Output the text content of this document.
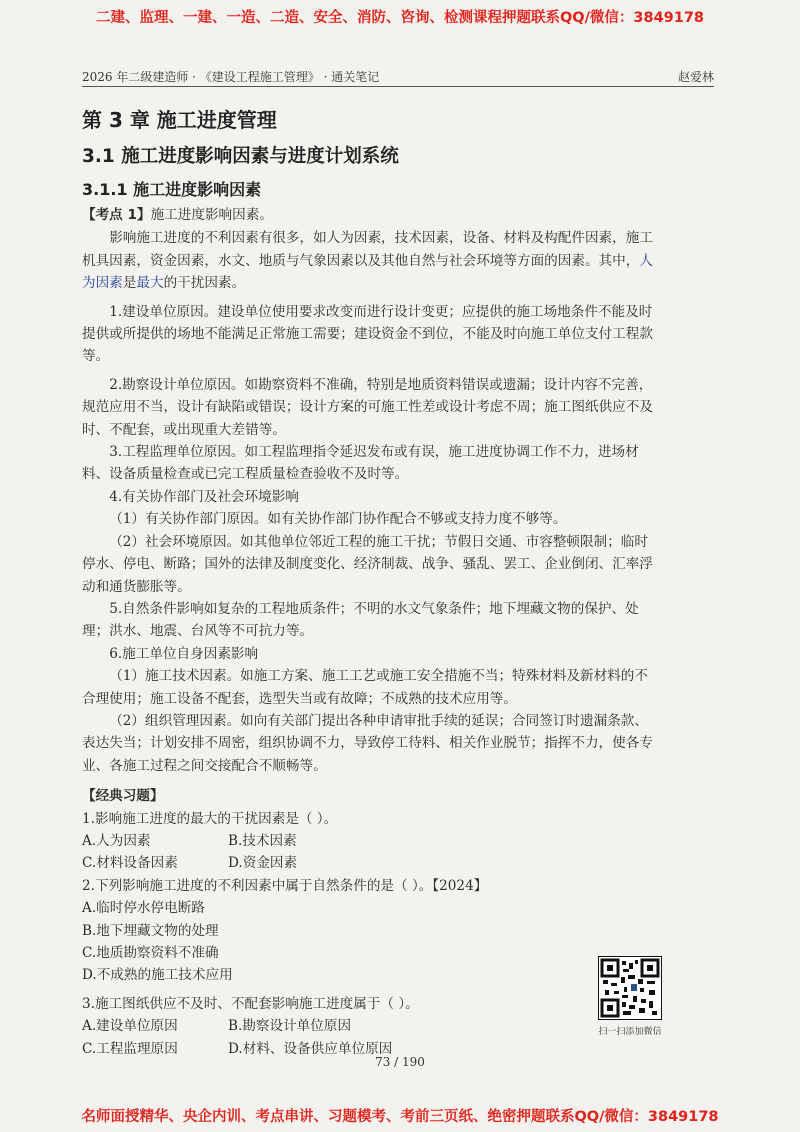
二建、监理、一建、一造、二造、安全、消防、咨询、检测课程押题联系QQ/微信：3849178
2026 年二级建造师 · 《建设工程施工管理》 · 通关笔记	赵爱林
第 3 章 施工进度管理
3.1 施工进度影响因素与进度计划系统
3.1.1 施工进度影响因素

【考点 1】施工进度影响因素。

影响施工进度的不利因素有很多，如人为因素，技术因素，设备、材料及构配件因素，施工机具因素，资金因素，水文、地质与气象因素以及其他自然与社会环境等方面的因素。其中，人为因素是最大的干扰因素。

1.建设单位原因。建设单位使用要求改变而进行设计变更；应提供的施工场地条件不能及时提供或所提供的场地不能满足正常施工需要；建设资金不到位，不能及时向施工单位支付工程款等。

2.勘察设计单位原因。如勘察资料不准确，特别是地质资料错误或遗漏；设计内容不完善，规范应用不当，设计有缺陷或错误；设计方案的可施工性差或设计考虑不周；施工图纸供应不及时、不配套，或出现重大差错等。

3.工程监理单位原因。如工程监理指令延迟发布或有误，施工进度协调工作不力，进场材料、设备质量检查或已完工程质量检查验收不及时等。

4.有关协作部门及社会环境影响

（1）有关协作部门原因。如有关协作部门协作配合不够或支持力度不够等。

（2）社会环境原因。如其他单位邻近工程的施工干扰；节假日交通、市容整顿限制；临时停水、停电、断路；国外的法律及制度变化、经济制裁、战争、骚乱、罢工、企业倒闭、汇率浮动和通货膨胀等。

5.自然条件影响如复杂的工程地质条件；不明的水文气象条件；地下埋藏文物的保护、处理；洪水、地震、台风等不可抗力等。

6.施工单位自身因素影响

（1）施工技术因素。如施工方案、施工工艺或施工安全措施不当；特殊材料及新材料的不合理使用；施工设备不配套，选型失当或有故障；不成熟的技术应用等。

（2）组织管理因素。如向有关部门提出各种申请审批手续的延误；合同签订时遗漏条款、表达失当；计划安排不周密，组织协调不力，导致停工待料、相关作业脱节；指挥不力，使各专业、各施工过程之间交接配合不顺畅等。

【经典习题】

1.影响施工进度的最大的干扰因素是（ ）。

A.人为因素	B.技术因素
C.材料设备因素	D.资金因素

2.下列影响施工进度的不利因素中属于自然条件的是（ ）。【2024】

A.临时停水停电断路

B.地下埋藏文物的处理

C.地质勘察资料不准确

D.不成熟的施工技术应用

3.施工图纸供应不及时、不配套影响施工进度属于（ ）。

A.建设单位原因	B.勘察设计单位原因
C.工程监理原因	D.材料、设备供应单位原因
扫一扫添加微信
73 / 190
名师面授精华、央企内训、考点串讲、习题模考、考前三页纸、绝密押题联系QQ/微信：3849178
